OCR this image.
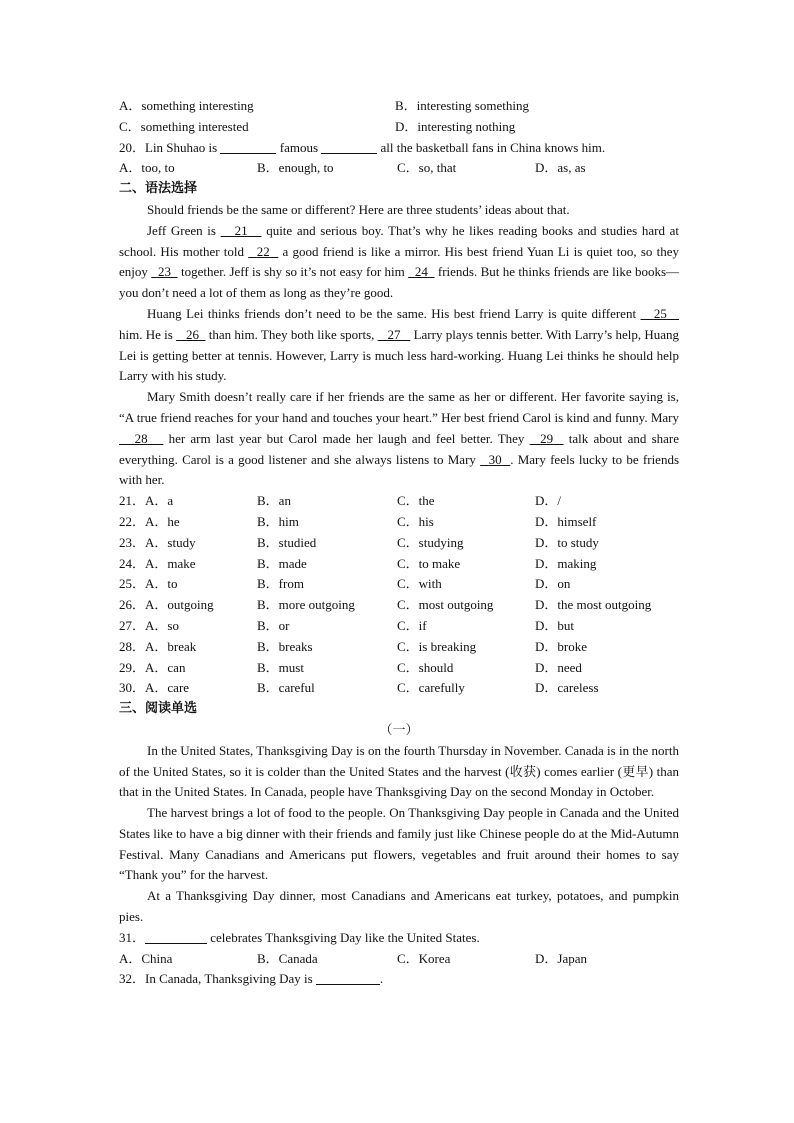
A．something interesting	B．interesting something
C．something interested	D．interesting nothing
20．Lin Shuhao is	famous	all the basketball fans in China knows him.
A．too, to	B．enough, to	C．so, that	D．as, as
二、语法选择

Should friends be the same or different? Here are three students’ ideas about that.

Jeff Green is    21    quite and serious boy. That’s why he likes reading books and studies hard at school. His mother told   22   a good friend is like a mirror. His best friend Yuan Li is quiet too, so they enjoy   23   together. Jeff is shy so it’s not easy for him   24   friends. But he thinks friends are like books—you don’t need a lot of them as long as they’re good.

Huang Lei thinks friends don’t need to be the same. His best friend Larry is quite different    25    him. He is    26   than him. They both like sports,    27    Larry plays tennis better. With Larry’s help, Huang Lei is getting better at tennis. However, Larry is much less hard-working. Huang Lei thinks he should help Larry with his study.

Mary Smith doesn’t really care if her friends are the same as her or different. Her favorite saying is, “A true friend reaches for your hand and touches your heart.” Her best friend Carol is kind and funny. Mary    28    her arm last year but Carol made her laugh and feel better. They   29   talk about and share everything. Carol is a good listener and she always listens to Mary   30 . Mary feels lucky to be friends with her.

21．A．a	B．an	C．the	D．/
22．A．he	B．him	C．his	D．himself
23．A．study	B．studied	C．studying	D．to study
24．A．make	B．made	C．to make	D．making
25．A．to	B．from	C．with	D．on
26．A．outgoing	B．more outgoing	C．most outgoing	D．the most outgoing
27．A．so	B．or	C．if	D．but
28．A．break	B．breaks	C．is breaking	D．broke
29．A．can	B．must	C．should	D．need
30．A．care	B．careful	C．carefully	D．careless
三、阅读单选
（一）

In the United States, Thanksgiving Day is on the fourth Thursday in November. Canada is in the north of the United States, so it is colder than the United States and the harvest (收获) comes earlier (更早) than that in the United States. In Canada, people have Thanksgiving Day on the second Monday in October.

The harvest brings a lot of food to the people. On Thanksgiving Day people in Canada and the United States like to have a big dinner with their friends and family just like Chinese people do at the Mid-Autumn Festival. Many Canadians and Americans put flowers, vegetables and fruit around their homes to say “Thank you” for the harvest.

At a Thanksgiving Day dinner, most Canadians and Americans eat turkey, potatoes, and pumpkin pies.

31．	celebrates Thanksgiving Day like the United States.
A．China	B．Canada	C．Korea	D．Japan
32．In Canada, Thanksgiving Day is	.
